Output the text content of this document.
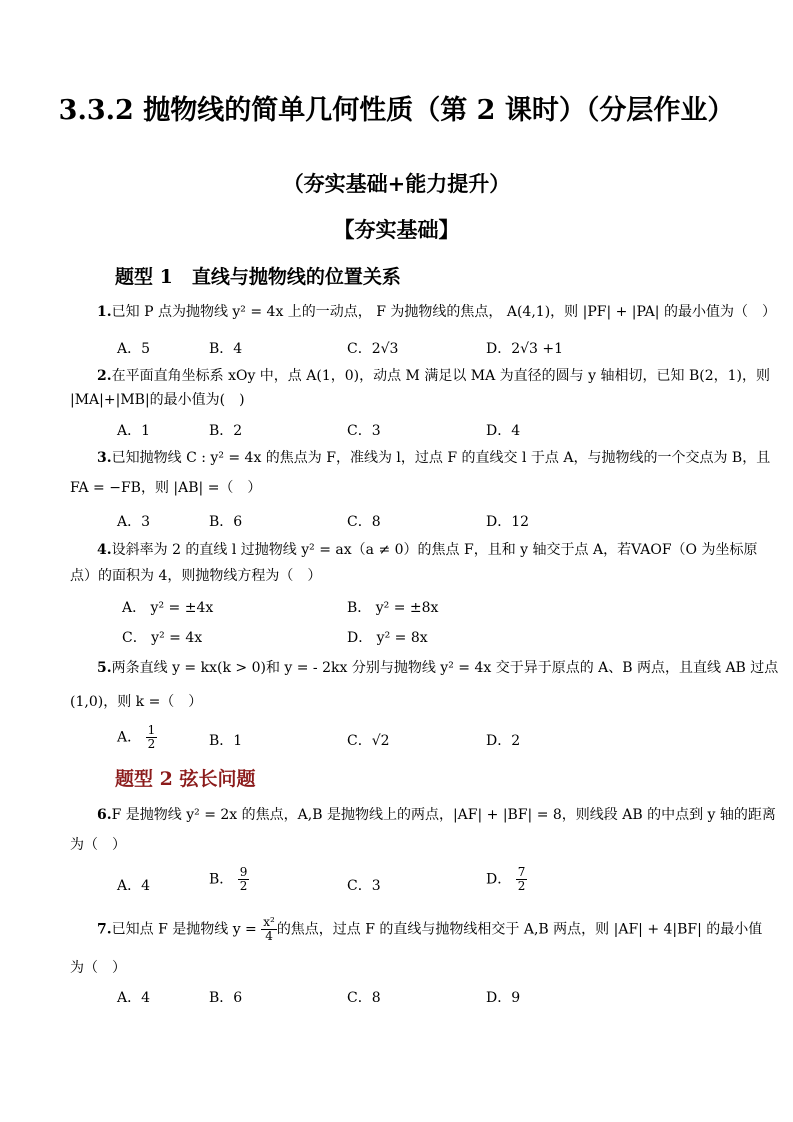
3.3.2 抛物线的简单几何性质（第 2 课时）（分层作业）
（夯实基础+能力提升）
【夯实基础】
题型 1　直线与抛物线的位置关系
1.已知 P 点为抛物线 y² = 4x 上的一动点， F 为抛物线的焦点， A(4,1)，则 |PF| + |PA| 的最小值为（　）
A．5	B．4	C．2√3	D．2√3 +1
2.在平面直角坐标系 xOy 中，点 A(1，0)，动点 M 满足以 MA 为直径的圆与 y 轴相切，已知 B(2，1)，则
|MA|+|MB|的最小值为(　)
A．1	B．2	C．3	D．4
3.已知抛物线 C : y² = 4x 的焦点为 F，准线为 l，过点 F 的直线交 l 于点 A，与抛物线的一个交点为 B，且
FA = −FB，则 |AB| =（　）
A．3	B．6	C．8	D．12
4.设斜率为 2 的直线 l 过抛物线 y² = ax（a ≠ 0）的焦点 F，且和 y 轴交于点 A，若VAOF（O 为坐标原
点）的面积为 4，则抛物线方程为（　）
A． y² = ±4x	B． y² = ±8x
C． y² = 4x	D． y² = 8x
5.两条直线 y = kx(k > 0)和 y = - 2kx 分别与抛物线 y² = 4x 交于异于原点的 A、B 两点，且直线 AB 过点
(1,0)，则 k =（　）
A． $\frac{1}{2}$	B．1	C．√2	D．2
题型 2 弦长问题
6.F 是抛物线 y² = 2x 的焦点，A,B 是抛物线上的两点，|AF| + |BF| = 8，则线段 AB 的中点到 y 轴的距离
为（　）
A．4	B． $\frac{9}{2}$	C．3	D． $\frac{7}{2}$
7.已知点 F 是抛物线 $y = \frac{\text{x²}}{4}$ 的焦点，过点 F 的直线与抛物线相交于 A,B 两点，则 |AF| + 4|BF| 的最小值
为（　）
A．4	B．6	C．8	D．9
